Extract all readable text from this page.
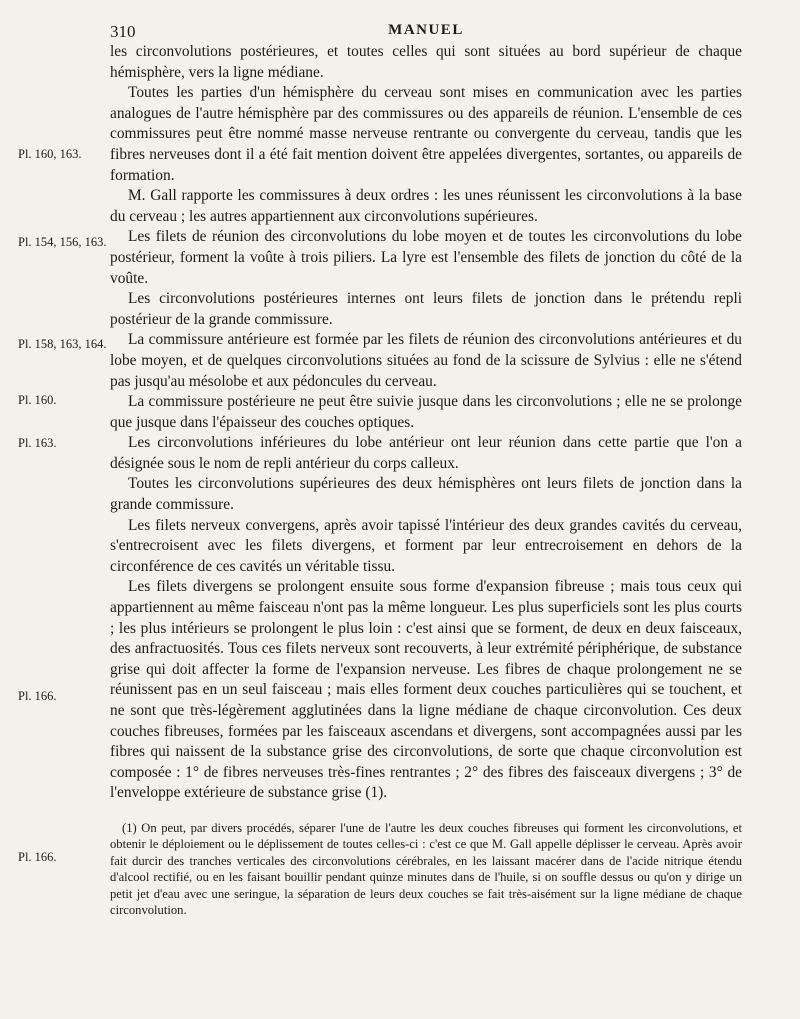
310	MANUEL
Pl. 160, 163.
Pl. 154, 156, 163.
Pl. 158, 163, 164.
Pl. 160.
Pl. 163.
Pl. 166.
Pl. 166.

les circonvolutions postérieures, et toutes celles qui sont situées au bord supérieur de chaque hémisphère, vers la ligne médiane.

Toutes les parties d'un hémisphère du cerveau sont mises en communication avec les parties analogues de l'autre hémisphère par des commissures ou des appareils de réunion. L'ensemble de ces commissures peut être nommé masse nerveuse rentrante ou convergente du cerveau, tandis que les fibres nerveuses dont il a été fait mention doivent être appelées divergentes, sortantes, ou appareils de formation.

M. Gall rapporte les commissures à deux ordres : les unes réunissent les circonvolutions à la base du cerveau ; les autres appartiennent aux circonvolutions supérieures.

Les filets de réunion des circonvolutions du lobe moyen et de toutes les circonvolutions du lobe postérieur, forment la voûte à trois piliers. La lyre est l'ensemble des filets de jonction du côté de la voûte.

Les circonvolutions postérieures internes ont leurs filets de jonction dans le prétendu repli postérieur de la grande commissure.

La commissure antérieure est formée par les filets de réunion des circonvolutions antérieures et du lobe moyen, et de quelques circonvolutions situées au fond de la scissure de Sylvius : elle ne s'étend pas jusqu'au mésolobe et aux pédoncules du cerveau.

La commissure postérieure ne peut être suivie jusque dans les circonvolutions ; elle ne se prolonge que jusque dans l'épaisseur des couches optiques.

Les circonvolutions inférieures du lobe antérieur ont leur réunion dans cette partie que l'on a désignée sous le nom de repli antérieur du corps calleux.

Toutes les circonvolutions supérieures des deux hémisphères ont leurs filets de jonction dans la grande commissure.

Les filets nerveux convergens, après avoir tapissé l'intérieur des deux grandes cavités du cerveau, s'entrecroisent avec les filets divergens, et forment par leur entrecroisement en dehors de la circonférence de ces cavités un véritable tissu.

Les filets divergens se prolongent ensuite sous forme d'expansion fibreuse ; mais tous ceux qui appartiennent au même faisceau n'ont pas la même longueur. Les plus superficiels sont les plus courts ; les plus intérieurs se prolongent le plus loin : c'est ainsi que se forment, de deux en deux faisceaux, des anfractuosités. Tous ces filets nerveux sont recouverts, à leur extrémité périphérique, de substance grise qui doit affecter la forme de l'expansion nerveuse. Les fibres de chaque prolongement ne se réunissent pas en un seul faisceau ; mais elles forment deux couches particulières qui se touchent, et ne sont que très-légèrement agglutinées dans la ligne médiane de chaque circonvolution. Ces deux couches fibreuses, formées par les faisceaux ascendans et divergens, sont accompagnées aussi par les fibres qui naissent de la substance grise des circonvolutions, de sorte que chaque circonvolution est composée : 1° de fibres nerveuses très-fines rentrantes ; 2° des fibres des faisceaux divergens ; 3° de l'enveloppe extérieure de substance grise (1).

(1) On peut, par divers procédés, séparer l'une de l'autre les deux couches fibreuses qui forment les circonvolutions, et obtenir le déploiement ou le déplissement de toutes celles-ci : c'est ce que M. Gall appelle déplisser le cerveau. Après avoir fait durcir des tranches verticales des circonvolutions cérébrales, en les laissant macérer dans de l'acide nitrique étendu d'alcool rectifié, ou en les faisant bouillir pendant quinze minutes dans de l'huile, si on souffle dessus ou qu'on y dirige un petit jet d'eau avec une seringue, la séparation de leurs deux couches se fait très-aisément sur la ligne médiane de chaque circonvolution.
